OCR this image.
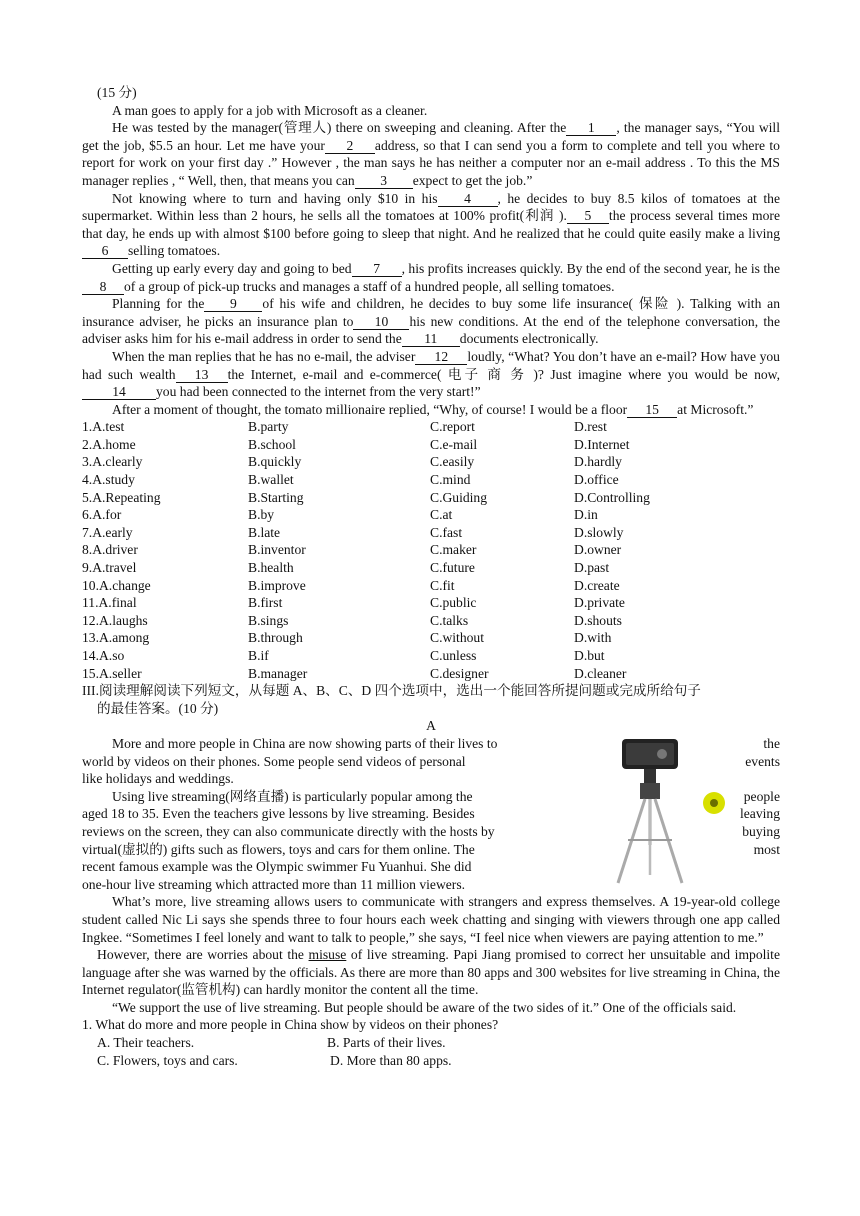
(15 分)

A man goes to apply for a job with Microsoft as a cleaner.

He was tested by the manager(管理人) there on sweeping and cleaning. After the 1 , the manager says, “You will get the job, $5.5 an hour. Let me have your 2 address, so that I can send you a form to complete and tell you where to report for work on your first day .” However , the man says he has neither a computer nor an e-mail address . To this the MS manager replies , “ Well, then, that means you can 3 expect to get the job.”

Not knowing where to turn and having only $10 in his 4 , he decides to buy 8.5 kilos of tomatoes at the supermarket. Within less than 2 hours, he sells all the tomatoes at 100% profit(利润 ). 5 the process several times more that day, he ends up with almost $100 before going to sleep that night. And he realized that he could quite easily make a living6 selling tomatoes.

Getting up early every day and going to bed 7 , his profits increases quickly. By the end of the second year, he is the8 of a group of pick-up trucks and manages a staff of a hundred people, all selling tomatoes.

Planning for the 9 of his wife and children, he decides to buy some life insurance( 保险 ). Talking with an insurance adviser, he picks an insurance plan to 10 his new conditions. At the end of the telephone conversation, the adviser asks him for his e-mail address in order to send the 11 documents electronically.

When the man replies that he has no e-mail, the adviser 12 loudly, “What? You don’t have an e-mail? How have you had such wealth 13 the Internet, e-mail and e-commerce( 电子 商 务 )? Just imagine where you would be now,14 you had been connected to the internet from the very start!”

After a moment of thought, the tomato millionaire replied, “Why, of course! I would be a floor 15 at Microsoft.”

1.A.test	B.party	C.report	D.rest
2.A.home	B.school	C.e-mail	D.Internet
3.A.clearly	B.quickly	C.easily	D.hardly
4.A.study	B.wallet	C.mind	D.office
5.A.Repeating	B.Starting	C.Guiding	D.Controlling
6.A.for	B.by	C.at	D.in
7.A.early	B.late	C.fast	D.slowly
8.A.driver	B.inventor	C.maker	D.owner
9.A.travel	B.health	C.future	D.past
10.A.change	B.improve	C.fit	D.create
11.A.final	B.first	C.public	D.private
12.A.laughs	B.sings	C.talks	D.shouts
13.A.among	B.through	C.without	D.with
14.A.so	B.if	C.unless	D.but
15.A.seller	B.manager	C.designer	D.cleaner

III.阅读理解阅读下列短文，从每题 A、B、C、D 四个选项中，选出一个能回答所提问题或完成所给句子

的最佳答案。(10 分)

A

More and more people in China are now showing parts of their lives to	the

world by videos on their phones. Some people send videos of personal	events

like holidays and weddings.

Using live streaming(网络直播) is particularly popular among the	people

aged 18 to 35. Even the teachers give lessons by live streaming. Besides	leaving

reviews on the screen, they can also communicate directly with the hosts by	buying

virtual(虚拟的) gifts such as flowers, toys and cars for them online. The	most

recent famous example was the Olympic swimmer Fu Yuanhui. She did

one-hour live streaming which attracted more than 11 million viewers.

What’s more, live streaming allows users to communicate with strangers and express themselves. A 19-year-old college student called Nic Li says she spends three to four hours each week chatting and singing with viewers through one app called Ingkee. “Sometimes I feel lonely and want to talk to people,” she says, “I feel nice when viewers are paying attention to me.”

However, there are worries about the misuse of live streaming. Papi Jiang promised to correct her unsuitable and impolite language after she was warned by the officials. As there are more than 80 apps and 300 websites for live streaming in China, the Internet regulator(监管机构) can hardly monitor the content all the time.

“We support the use of live streaming. But people should be aware of the two sides of it.” One of the officials said.

1. What do more and more people in China show by videos on their phones?

A. Their teachers.	B. Parts of their lives.
C. Flowers, toys and cars.	D. More than 80 apps.
